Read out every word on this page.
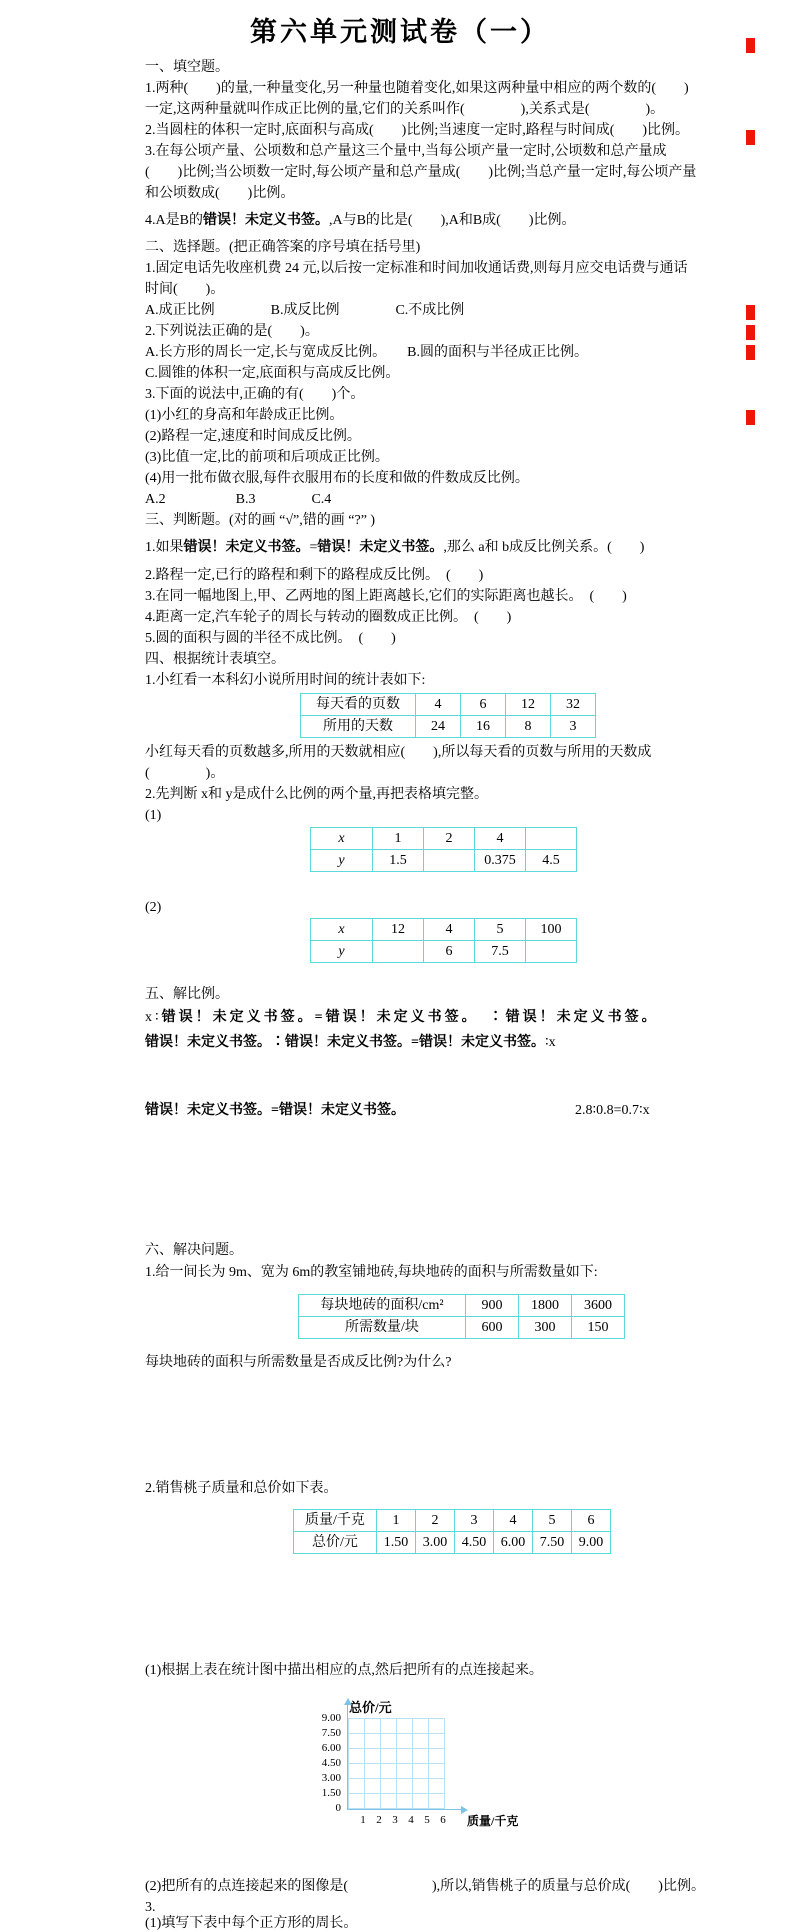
第六单元测试卷（一）
一、填空题。
1.两种(　　)的量,一种量变化,另一种量也随着变化,如果这两种量中相应的两个数的(　　)
一定,这两种量就叫作成正比例的量,它们的关系叫作(　　　　),关系式是(　　　　)。
2.当圆柱的体积一定时,底面积与高成(　　)比例;当速度一定时,路程与时间成(　　)比例。
3.在每公顷产量、公顷数和总产量这三个量中,当每公顷产量一定时,公顷数和总产量成
(　　)比例;当公顷数一定时,每公顷产量和总产量成(　　)比例;当总产量一定时,每公顷产量
和公顷数成(　　)比例。
4.A是B的错误！未定义书签。,A与B的比是(　　),A和B成(　　)比例。
二、选择题。(把正确答案的序号填在括号里)
1.固定电话先收座机费 24 元,以后按一定标准和时间加收通话费,则每月应交电话费与通话
时间(　　)。
A.成正比例　　　　B.成反比例　　　　C.不成比例
2.下列说法正确的是(　　)。
A.长方形的周长一定,长与宽成反比例。　　B.圆的面积与半径成正比例。
C.圆锥的体积一定,底面积与高成反比例。
3.下面的说法中,正确的有(　　)个。
(1)小红的身高和年龄成正比例。
(2)路程一定,速度和时间成反比例。
(3)比值一定,比的前项和后项成正比例。
(4)用一批布做衣服,每件衣服用布的长度和做的件数成反比例。
A.2　　　　　B.3　　　　C.4
三、判断题。(对的画 “√”,错的画 “?” )
1.如果错误！未定义书签。=错误！未定义书签。,那么 a和 b成反比例关系。(　　)
2.路程一定,已行的路程和剩下的路程成反比例。　(　　)
3.在同一幅地图上,甲、乙两地的图上距离越长,它们的实际距离也越长。　(　　)
4.距离一定,汽车轮子的周长与转动的圈数成正比例。　(　　)
5.圆的面积与圆的半径不成比例。　(　　)
四、根据统计表填空。
1.小红看一本科幻小说所用时间的统计表如下:
每天看的页数	4	6	12	32
所用的天数	24	16	8	3
小红每天看的页数越多,所用的天数就相应(　　),所以每天看的页数与所用的天数成
(　　　　)。
2.先判断 x和 y是成什么比例的两个量,再把表格填完整。
(1)
x	1	2	4	
y	1.5		0.375	4.5
(2)
x	12	4	5	100
y		6	7.5	
五、解比例。
x∶错误！未定义书签。=错误！未定义书签。　∶错误！未定义书签。
错误！未定义书签。∶错误！未定义书签。=错误！未定义书签。∶x
错误！未定义书签。=错误！未定义书签。	2.8∶0.8=0.7∶x
六、解决问题。
1.给一间长为 9m、宽为 6m的教室铺地砖,每块地砖的面积与所需数量如下:
每块地砖的面积/cm²	900	1800	3600
所需数量/块	600	300	150
每块地砖的面积与所需数量是否成反比例?为什么?
2.销售桃子质量和总价如下表。
质量/千克	1	2	3	4	5	6
总价/元	1.50	3.00	4.50	6.00	7.50	9.00
(1)根据上表在统计图中描出相应的点,然后把所有的点连接起来。
总价/元
9.00
7.50
6.00
4.50
3.00
1.50
0
1 2 3 4 5 6	质量/千克
(2)把所有的点连接起来的图像是(　　　　　　),所以,销售桃子的质量与总价成(　　)比例。
3.
(1)填写下表中每个正方形的周长。
